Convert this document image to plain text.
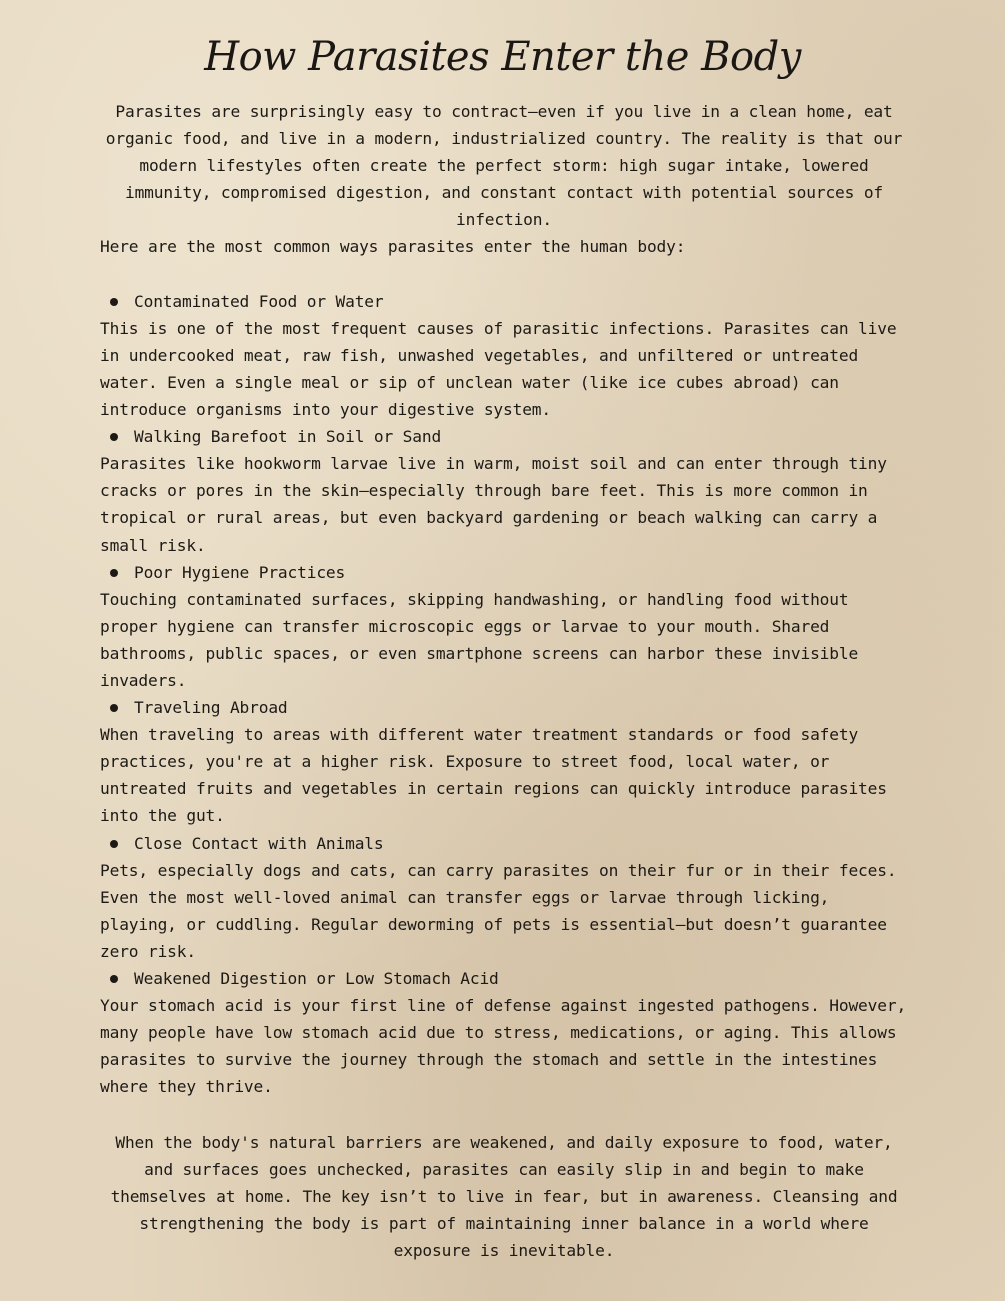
How Parasites Enter the Body

Parasites are surprisingly easy to contract—even if you live in a clean home, eat organic food, and live in a modern, industrialized country. The reality is that our modern lifestyles often create the perfect storm: high sugar intake, lowered immunity, compromised digestion, and constant contact with potential sources of infection.

Here are the most common ways parasites enter the human body:

Contaminated Food or Water

This is one of the most frequent causes of parasitic infections. Parasites can live in undercooked meat, raw fish, unwashed vegetables, and unfiltered or untreated water. Even a single meal or sip of unclean water (like ice cubes abroad) can introduce organisms into your digestive system.

Walking Barefoot in Soil or Sand

Parasites like hookworm larvae live in warm, moist soil and can enter through tiny cracks or pores in the skin—especially through bare feet. This is more common in tropical or rural areas, but even backyard gardening or beach walking can carry a small risk.

Poor Hygiene Practices

Touching contaminated surfaces, skipping handwashing, or handling food without proper hygiene can transfer microscopic eggs or larvae to your mouth. Shared bathrooms, public spaces, or even smartphone screens can harbor these invisible invaders.

Traveling Abroad

When traveling to areas with different water treatment standards or food safety practices, you're at a higher risk. Exposure to street food, local water, or untreated fruits and vegetables in certain regions can quickly introduce parasites into the gut.

Close Contact with Animals

Pets, especially dogs and cats, can carry parasites on their fur or in their feces. Even the most well-loved animal can transfer eggs or larvae through licking, playing, or cuddling. Regular deworming of pets is essential—but doesn’t guarantee zero risk.

Weakened Digestion or Low Stomach Acid

Your stomach acid is your first line of defense against ingested pathogens. However, many people have low stomach acid due to stress, medications, or aging. This allows parasites to survive the journey through the stomach and settle in the intestines where they thrive.

When the body's natural barriers are weakened, and daily exposure to food, water, and surfaces goes unchecked, parasites can easily slip in and begin to make themselves at home. The key isn’t to live in fear, but in awareness. Cleansing and strengthening the body is part of maintaining inner balance in a world where exposure is inevitable.
